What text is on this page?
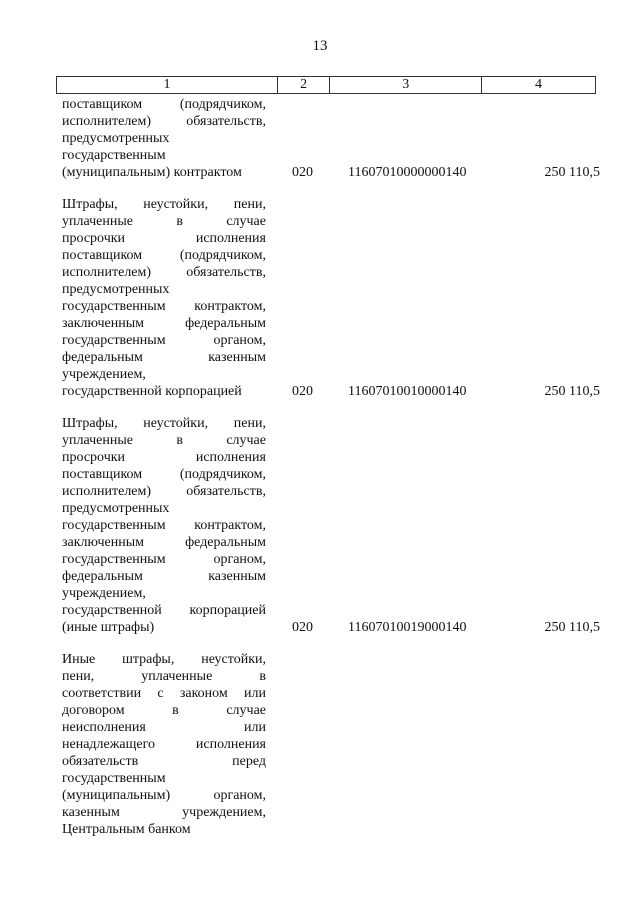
13
1	2	3	4
поставщиком (подрядчиком,
исполнителем) обязательств,
предусмотренных
государственным
(муниципальным) контрактом	020	11607010000000140	250 110,5
Штрафы, неустойки, пени,
уплаченные в случае
просрочки исполнения
поставщиком (подрядчиком,
исполнителем) обязательств,
предусмотренных
государственным контрактом,
заключенным федеральным
государственным органом,
федеральным казенным
учреждением,
государственной корпорацией	020	11607010010000140	250 110,5
Штрафы, неустойки, пени,
уплаченные в случае
просрочки исполнения
поставщиком (подрядчиком,
исполнителем) обязательств,
предусмотренных
государственным контрактом,
заключенным федеральным
государственным органом,
федеральным казенным
учреждением,
государственной корпорацией
(иные штрафы)	020	11607010019000140	250 110,5
Иные штрафы, неустойки,
пени, уплаченные в
соответствии с законом или
договором в случае
неисполнения или
ненадлежащего исполнения
обязательств перед
государственным
(муниципальным) органом,
казенным учреждением,
Центральным банком
